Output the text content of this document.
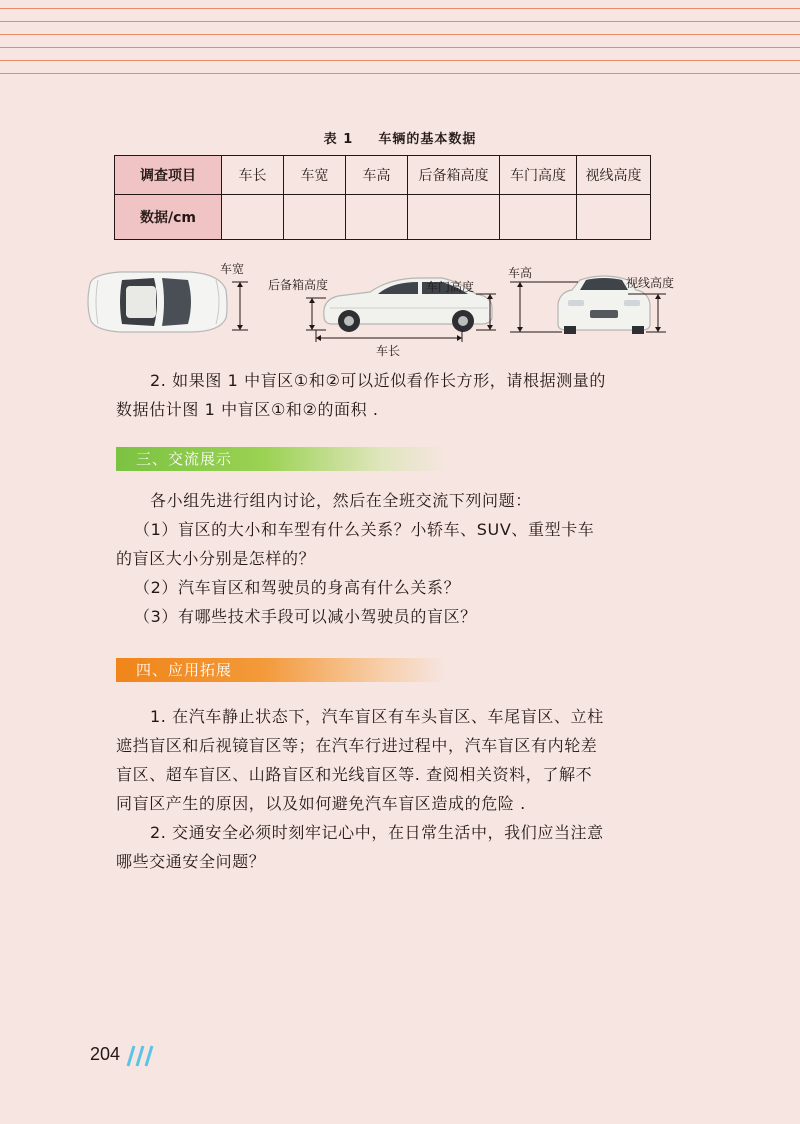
表 1 车辆的基本数据
调查项目	车长	车宽	车高	后备箱高度	车门高度	视线高度
数据/cm						
车宽
后备箱高度	车门高度
车长
车高
视线高度

2. 如果图 1 中盲区①和②可以近似看作长方形，请根据测量的
数据估计图 1 中盲区①和②的面积 .

三、交流展示

各小组先进行组内讨论，然后在全班交流下列问题：
（1）盲区的大小和车型有什么关系？小轿车、SUV、重型卡车
的盲区大小分别是怎样的？
（2）汽车盲区和驾驶员的身高有什么关系？
（3）有哪些技术手段可以减小驾驶员的盲区？

四、应用拓展

1. 在汽车静止状态下，汽车盲区有车头盲区、车尾盲区、立柱
遮挡盲区和后视镜盲区等；在汽车行进过程中，汽车盲区有内轮差
盲区、超车盲区、山路盲区和光线盲区等. 查阅相关资料，了解不
同盲区产生的原因，以及如何避免汽车盲区造成的危险 .
2. 交通安全必须时刻牢记心中，在日常生活中，我们应当注意
哪些交通安全问题？

204
